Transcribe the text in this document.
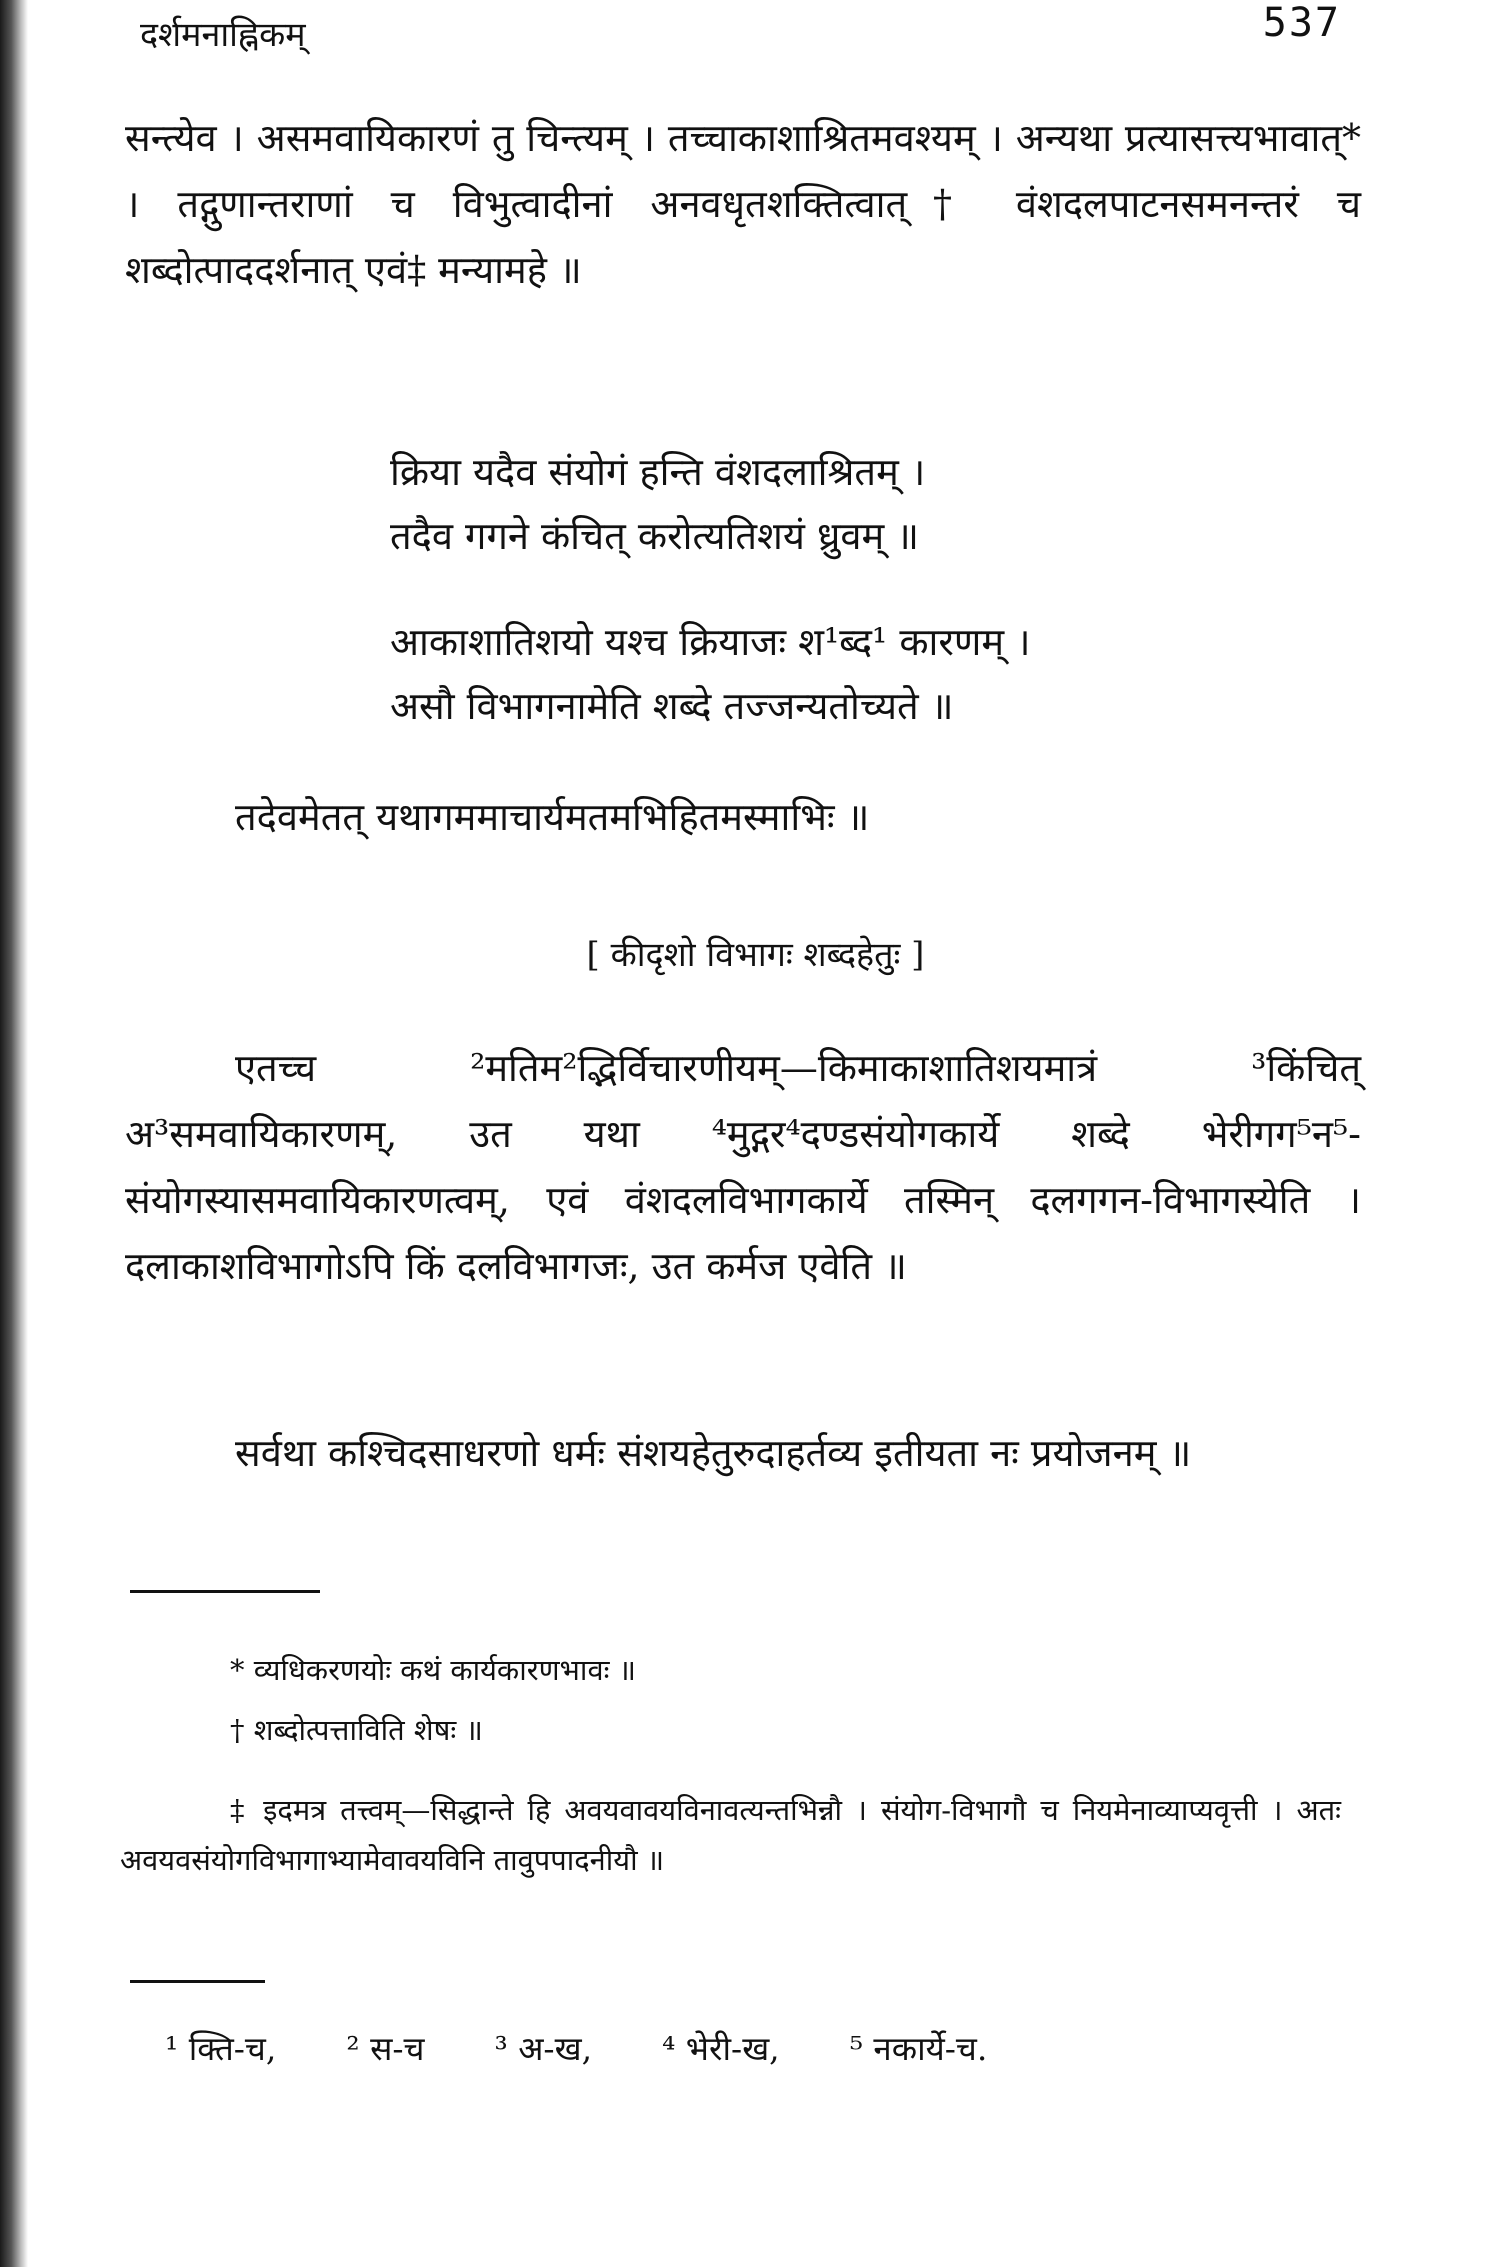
दर्शमनाह्निकम्	537
सन्त्येव । असमवायिकारणं तु चिन्त्यम् । तच्चाकाशाश्रितमवश्यम् । अन्यथा प्रत्यासत्त्यभावात्* । तद्गुणान्तराणां च विभुत्वादीनां अनवधृतशक्तित्वात्† वंशदलपाटनसमनन्तरं च शब्दोत्पाददर्शनात् एवं‡ मन्यामहे ॥
क्रिया यदैव संयोगं हन्ति वंशदलाश्रितम् ।
तदैव गगने कंचित् करोत्यतिशयं ध्रुवम् ॥
आकाशातिशयो यश्च क्रियाजः श¹ब्द¹ कारणम् ।
असौ विभागनामेति शब्दे तज्जन्यतोच्यते ॥
तदेवमेतत् यथागममाचार्यमतमभिहितमस्माभिः ॥
[ कीदृशो विभागः शब्दहेतुः ]
एतच्च ²मतिम²द्भिर्विचारणीयम्—किमाकाशातिशयमात्रं ³किंचित् अ³समवायिकारणम्, उत यथा ⁴मुद्गर⁴दण्डसंयोगकार्ये शब्दे भेरीगग⁵न⁵-संयोगस्यासमवायिकारणत्वम्, एवं वंशदलविभागकार्ये तस्मिन् दलगगन-विभागस्येति । दलाकाशविभागोऽपि किं दलविभागजः, उत कर्मज एवेति ॥
सर्वथा कश्चिदसाधरणो धर्मः संशयहेतुरुदाहर्तव्य इतीयता नः प्रयोजनम् ॥
* व्यधिकरणयोः कथं कार्यकारणभावः ॥
† शब्दोत्पत्ताविति शेषः ॥
‡ इदमत्र तत्त्वम्—सिद्धान्ते हि अवयवावयविनावत्यन्तभिन्नौ । संयोग-विभागौ च नियमेनाव्याप्यवृत्ती । अतः अवयवसंयोगविभागाभ्यामेवावयविनि तावुपपादनीयौ ॥
¹ क्ति-च, ² स-च ³ अ-ख, ⁴ भेरी-ख, ⁵ नकार्ये-च.
